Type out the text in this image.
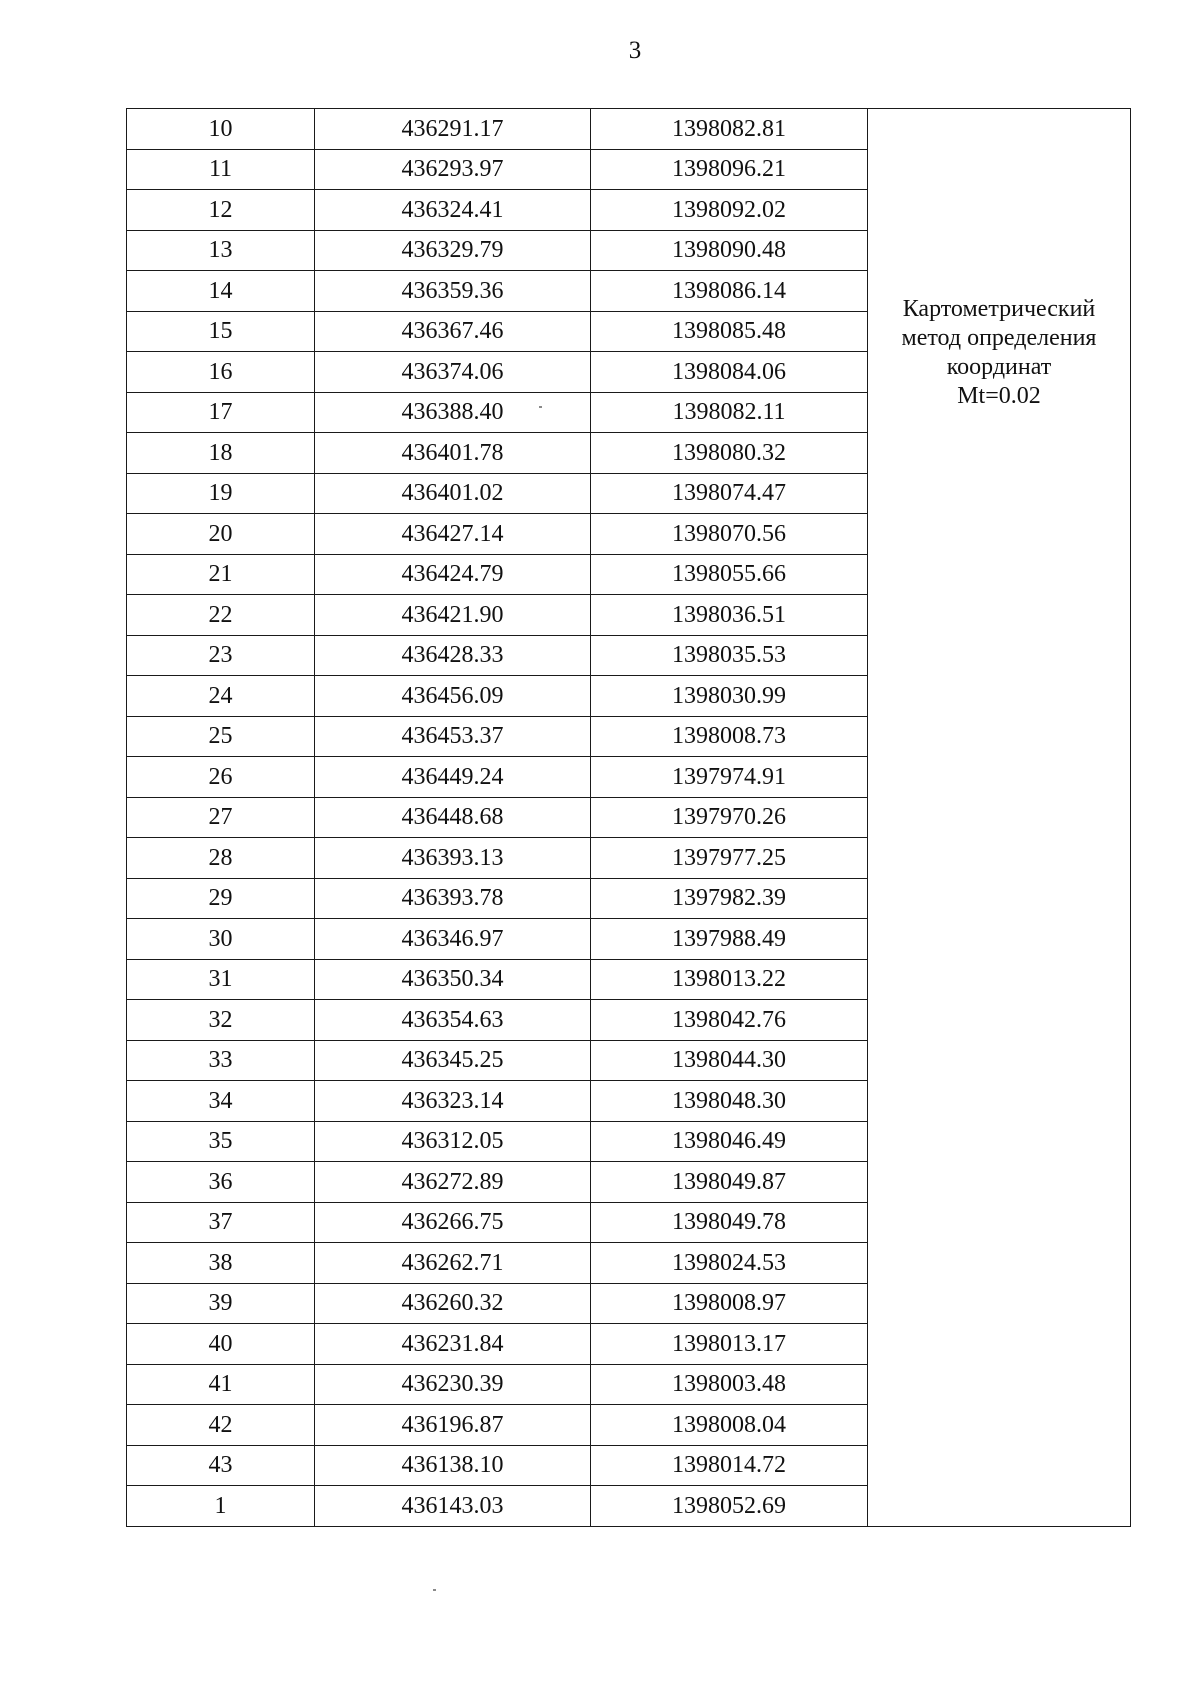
3
10	436291.17	1398082.81	Картометрический
метод определения
координат
Mt=0.02

11	436293.97	1398096.21	
12	436324.41	1398092.02	
13	436329.79	1398090.48	
14	436359.36	1398086.14	
15	436367.46	1398085.48	
16	436374.06	1398084.06	
17	436388.40	1398082.11	
18	436401.78	1398080.32	
19	436401.02	1398074.47	
20	436427.14	1398070.56	
21	436424.79	1398055.66	
22	436421.90	1398036.51	
23	436428.33	1398035.53	
24	436456.09	1398030.99	
25	436453.37	1398008.73	
26	436449.24	1397974.91	
27	436448.68	1397970.26	
28	436393.13	1397977.25	
29	436393.78	1397982.39	
30	436346.97	1397988.49	
31	436350.34	1398013.22	
32	436354.63	1398042.76	
33	436345.25	1398044.30	
34	436323.14	1398048.30	
35	436312.05	1398046.49	
36	436272.89	1398049.87	
37	436266.75	1398049.78	
38	436262.71	1398024.53	
39	436260.32	1398008.97	
40	436231.84	1398013.17	
41	436230.39	1398003.48	
42	436196.87	1398008.04	
43	436138.10	1398014.72	
1	436143.03	1398052.69	
